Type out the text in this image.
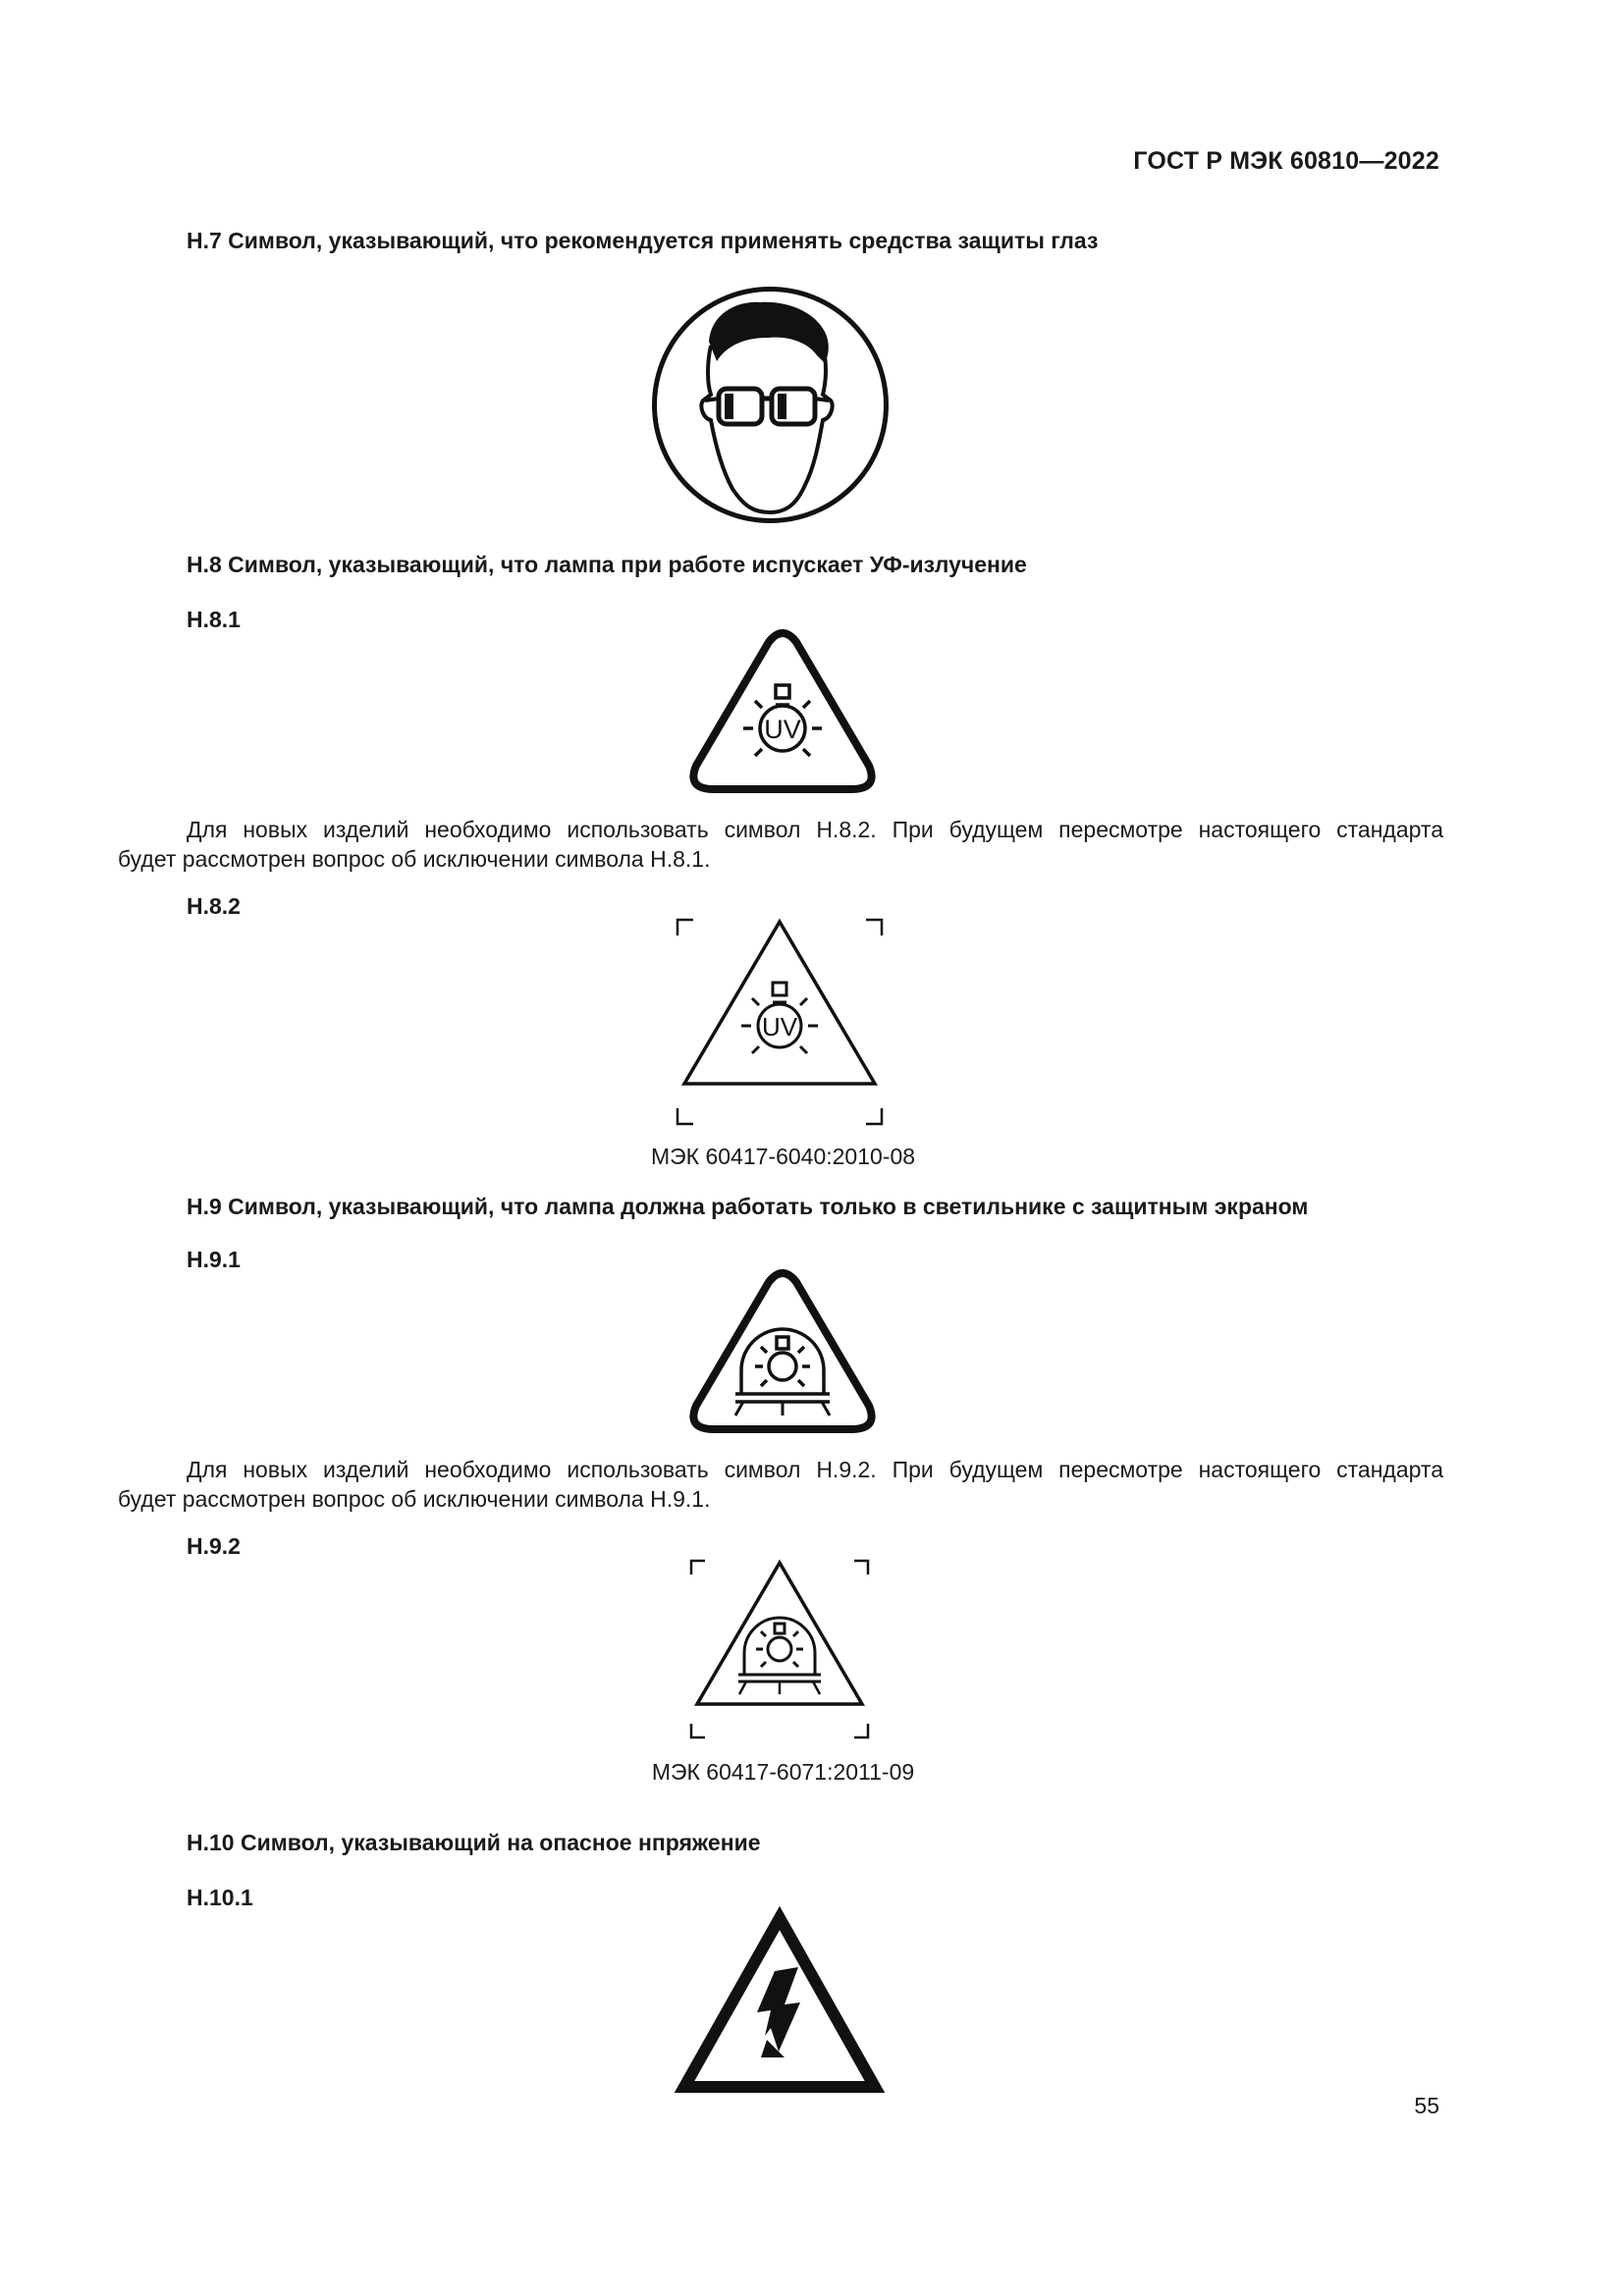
ГОСТ Р МЭК 60810—2022
H.7 Символ, указывающий, что рекомендуется применять средства защиты глаз
H.8 Символ, указывающий, что лампа при работе испускает УФ-излучение
H.8.1
UV
Для новых изделий необходимо использовать символ H.8.2. При будущем пересмотре настоящего стандарта
будет рассмотрен вопрос об исключении символа H.8.1.
H.8.2
UV
МЭК 60417-6040:2010-08
H.9 Символ, указывающий, что лампа должна работать только в светильнике с защитным экраном
H.9.1
Для новых изделий необходимо использовать символ H.9.2. При будущем пересмотре настоящего стандарта
будет рассмотрен вопрос об исключении символа H.9.1.
H.9.2
МЭК 60417-6071:2011-09
H.10 Символ, указывающий на опасное нпряжение
H.10.1
55
